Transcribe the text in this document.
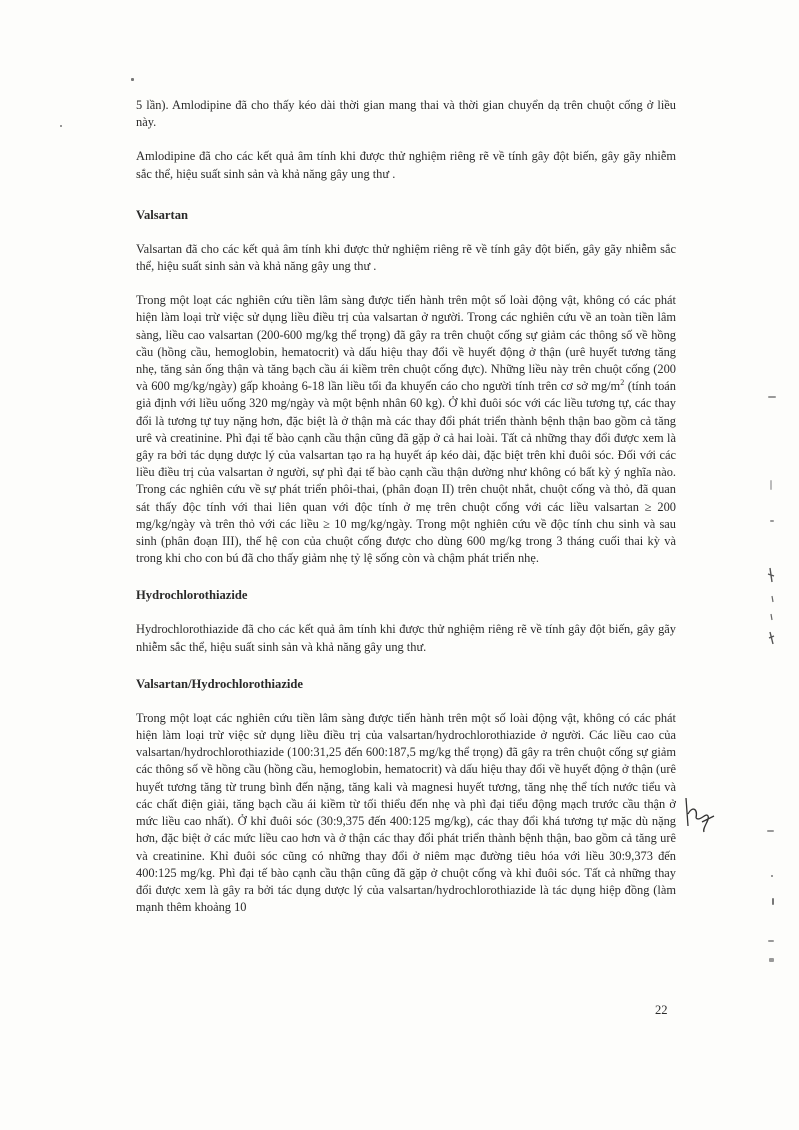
5 lần). Amlodipine đã cho thấy kéo dài thời gian mang thai và thời gian chuyển dạ trên chuột cống ở liều này.

Amlodipine đã cho các kết quả âm tính khi được thử nghiệm riêng rẽ về tính gây đột biến, gây gãy nhiễm sắc thể, hiệu suất sinh sản và khả năng gây ung thư .

Valsartan

Valsartan đã cho các kết quả âm tính khi được thử nghiệm riêng rẽ về tính gây đột biến, gây gãy nhiễm sắc thể, hiệu suất sinh sản và khả năng gây ung thư .

Trong một loạt các nghiên cứu tiền lâm sàng được tiến hành trên một số loài động vật, không có các phát hiện làm loại trừ việc sử dụng liều điều trị của valsartan ở người. Trong các nghiên cứu về an toàn tiền lâm sàng, liều cao valsartan (200-600 mg/kg thể trọng) đã gây ra trên chuột cống sự giảm các thông số về hồng cầu (hồng cầu, hemoglobin, hematocrit) và dấu hiệu thay đổi về huyết động ở thận (urê huyết tương tăng nhẹ, tăng sản ống thận và tăng bạch cầu ái kiềm trên chuột cống đực). Những liều này trên chuột cống (200 và 600 mg/kg/ngày) gấp khoảng 6-18 lần liều tối đa khuyến cáo cho người tính trên cơ sở $mg/m^2$ (tính toán giả định với liều uống 320 mg/ngày và một bệnh nhân 60 kg). Ở khỉ đuôi sóc với các liều tương tự, các thay đổi là tương tự tuy nặng hơn, đặc biệt là ở thận mà các thay đổi phát triển thành bệnh thận bao gồm cả tăng urê và creatinine. Phì đại tế bào cạnh cầu thận cũng đã gặp ở cả hai loài. Tất cả những thay đổi được xem là gây ra bởi tác dụng dược lý của valsartan tạo ra hạ huyết áp kéo dài, đặc biệt trên khỉ đuôi sóc. Đối với các liều điều trị của valsartan ở người, sự phì đại tế bào cạnh cầu thận dường như không có bất kỳ ý nghĩa nào. Trong các nghiên cứu về sự phát triển phôi-thai, (phân đoạn II) trên chuột nhắt, chuột cống và thỏ, đã quan sát thấy độc tính với thai liên quan với độc tính ở mẹ trên chuột cống với các liều valsartan ≥ 200 mg/kg/ngày và trên thỏ với các liều ≥ 10 mg/kg/ngày. Trong một nghiên cứu về độc tính chu sinh và sau sinh (phân đoạn III), thế hệ con của chuột cống được cho dùng 600 mg/kg trong 3 tháng cuối thai kỳ và trong khi cho con bú đã cho thấy giảm nhẹ tỷ lệ sống còn và chậm phát triển nhẹ.

Hydrochlorothiazide

Hydrochlorothiazide đã cho các kết quả âm tính khi được thử nghiệm riêng rẽ về tính gây đột biến, gây gãy nhiễm sắc thể, hiệu suất sinh sản và khả năng gây ung thư.

Valsartan/Hydrochlorothiazide

Trong một loạt các nghiên cứu tiền lâm sàng được tiến hành trên một số loài động vật, không có các phát hiện làm loại trừ việc sử dụng liều điều trị của valsartan/hydrochlorothiazide ở người. Các liều cao của valsartan/hydrochlorothiazide (100:31,25 đến 600:187,5 mg/kg thể trọng) đã gây ra trên chuột cống sự giảm các thông số về hồng cầu (hồng cầu, hemoglobin, hematocrit) và dấu hiệu thay đổi về huyết động ở thận (urê huyết tương tăng từ trung bình đến nặng, tăng kali và magnesi huyết tương, tăng nhẹ thể tích nước tiểu và các chất điện giải, tăng bạch cầu ái kiềm từ tối thiểu đến nhẹ và phì đại tiểu động mạch trước cầu thận ở mức liều cao nhất). Ở khỉ đuôi sóc (30:9,375 đến 400:125 mg/kg), các thay đổi khá tương tự mặc dù nặng hơn, đặc biệt ở các mức liều cao hơn và ở thận các thay đổi phát triển thành bệnh thận, bao gồm cả tăng urê và creatinine. Khỉ đuôi sóc cũng có những thay đổi ở niêm mạc đường tiêu hóa với liều 30:9,373 đến 400:125 mg/kg. Phì đại tế bào cạnh cầu thận cũng đã gặp ở chuột cống và khỉ đuôi sóc. Tất cả những thay đổi được xem là gây ra bởi tác dụng dược lý của valsartan/hydrochlorothiazide là tác dụng hiệp đồng (làm mạnh thêm khoảng 10

22
